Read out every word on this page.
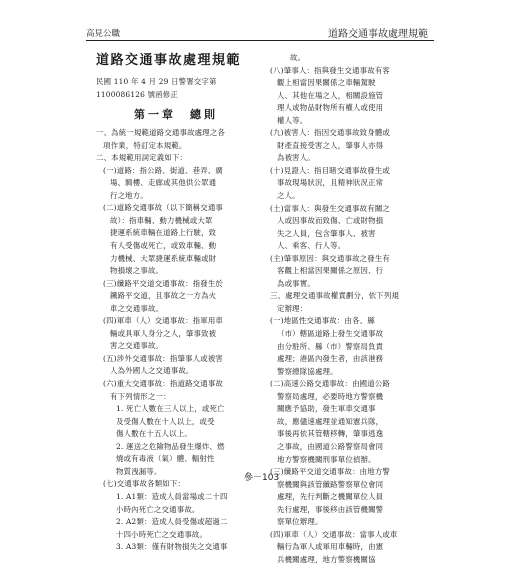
高見公職	道路交通事故處理規範
道路交通事故處理規範

民國 110 年 4 月 29 日警署交字第 1100086126 號函修正

第一章　總則

一、為統一規範道路交通事故處理之各

項作業，特訂定本規範。

二、本規範用詞定義如下：

(一)道路：指公路、街道、巷弄、廣

場、騎樓、走廊或其他供公眾通

行之地方。

(二)道路交通事故（以下簡稱交通事

故）：指車輛、動力機械或大眾

捷運系統車輛在道路上行駛，致

有人受傷或死亡，或致車輛、動

力機械、大眾捷運系統車輛或財

物損壞之事故。

(三)纖路平交道交通事故：指發生於

鐵路平交道，且事故之一方為火

車之交通事故。

(四)軍車（人）交通事故：指軍用車

輛或具軍人身分之人，肇事致被

害之交通事故。

(五)涉外交通事故：指肇事人或被害

人為外國人之交通事故。

(六)重大交通事故：指道路交通事故

有下列情形之一：

1. 死亡人數在三人以上，或死亡

及受傷人數在十人以上，或受

傷人數在十五人以上。

2. 運送之危險物品發生爆炸、燃

燒或有毒液（氣）體、輻射性

物質洩漏等。

(七)交通事故各類如下：

1. A1類：造成人員當場或二十四

小時內死亡之交通事故。

2. A2類：造成人員受傷或超過二

十四小時死亡之交通事故。

3. A3類：僅有財物損失之交通事

故。

(八)肇事人：指與發生交通事故有客

觀上相當因果關係之車輛駕駛

人、其他在場之人，相關設施管

理人或物品財物所有權人或使用

權人等。

(九)被害人：指因交通事故致身體或

財產直接受害之人，肇事人亦得

為被害人。

(十)見證人：指目睹交通事故發生或

事故現場狀況，且精神狀況正常

之人。

(土)當事人：與發生交通事故有關之

人或因事故而致傷、亡或財物損

失之人員，包含肇事人、被害

人、乘客、行人等。

(主)肇事原因：與交通事故之發生有

客觀上相當因果關係之原因、行

為或事實。

三、處理交通事故權責劃分，依下列規

定辦理：

(一)地區性交通事故：由各、縣

（市）轄區道路上發生交通事故

由分駐所、縣（市）警察局負責

處理；港區內發生者，由該港務

警察總隊協處理。

(二)高速公路交通事故：由國道公路

警察局處理，必要時地方警察機

關應予協助，發生軍車交通事

故，應儘速處理並通知憲兵隊，

事後再依其管轄移轉，肇事逃逸

之事故，由國道公路警察局會同

地方警察機關刑事單位偵辦。

(三)纖路平交道交通事故：由地方警

察機關與該管纖路警察單位會同

處理，先行判斷之機關單位人員

先行處理，事後移由該管機關警

察單位辦理。

(四)軍車（人）交通事故：當事人或車

輛行為軍人或軍用車輛時，由憲

兵機關處理，地方警察機關協

參－103
